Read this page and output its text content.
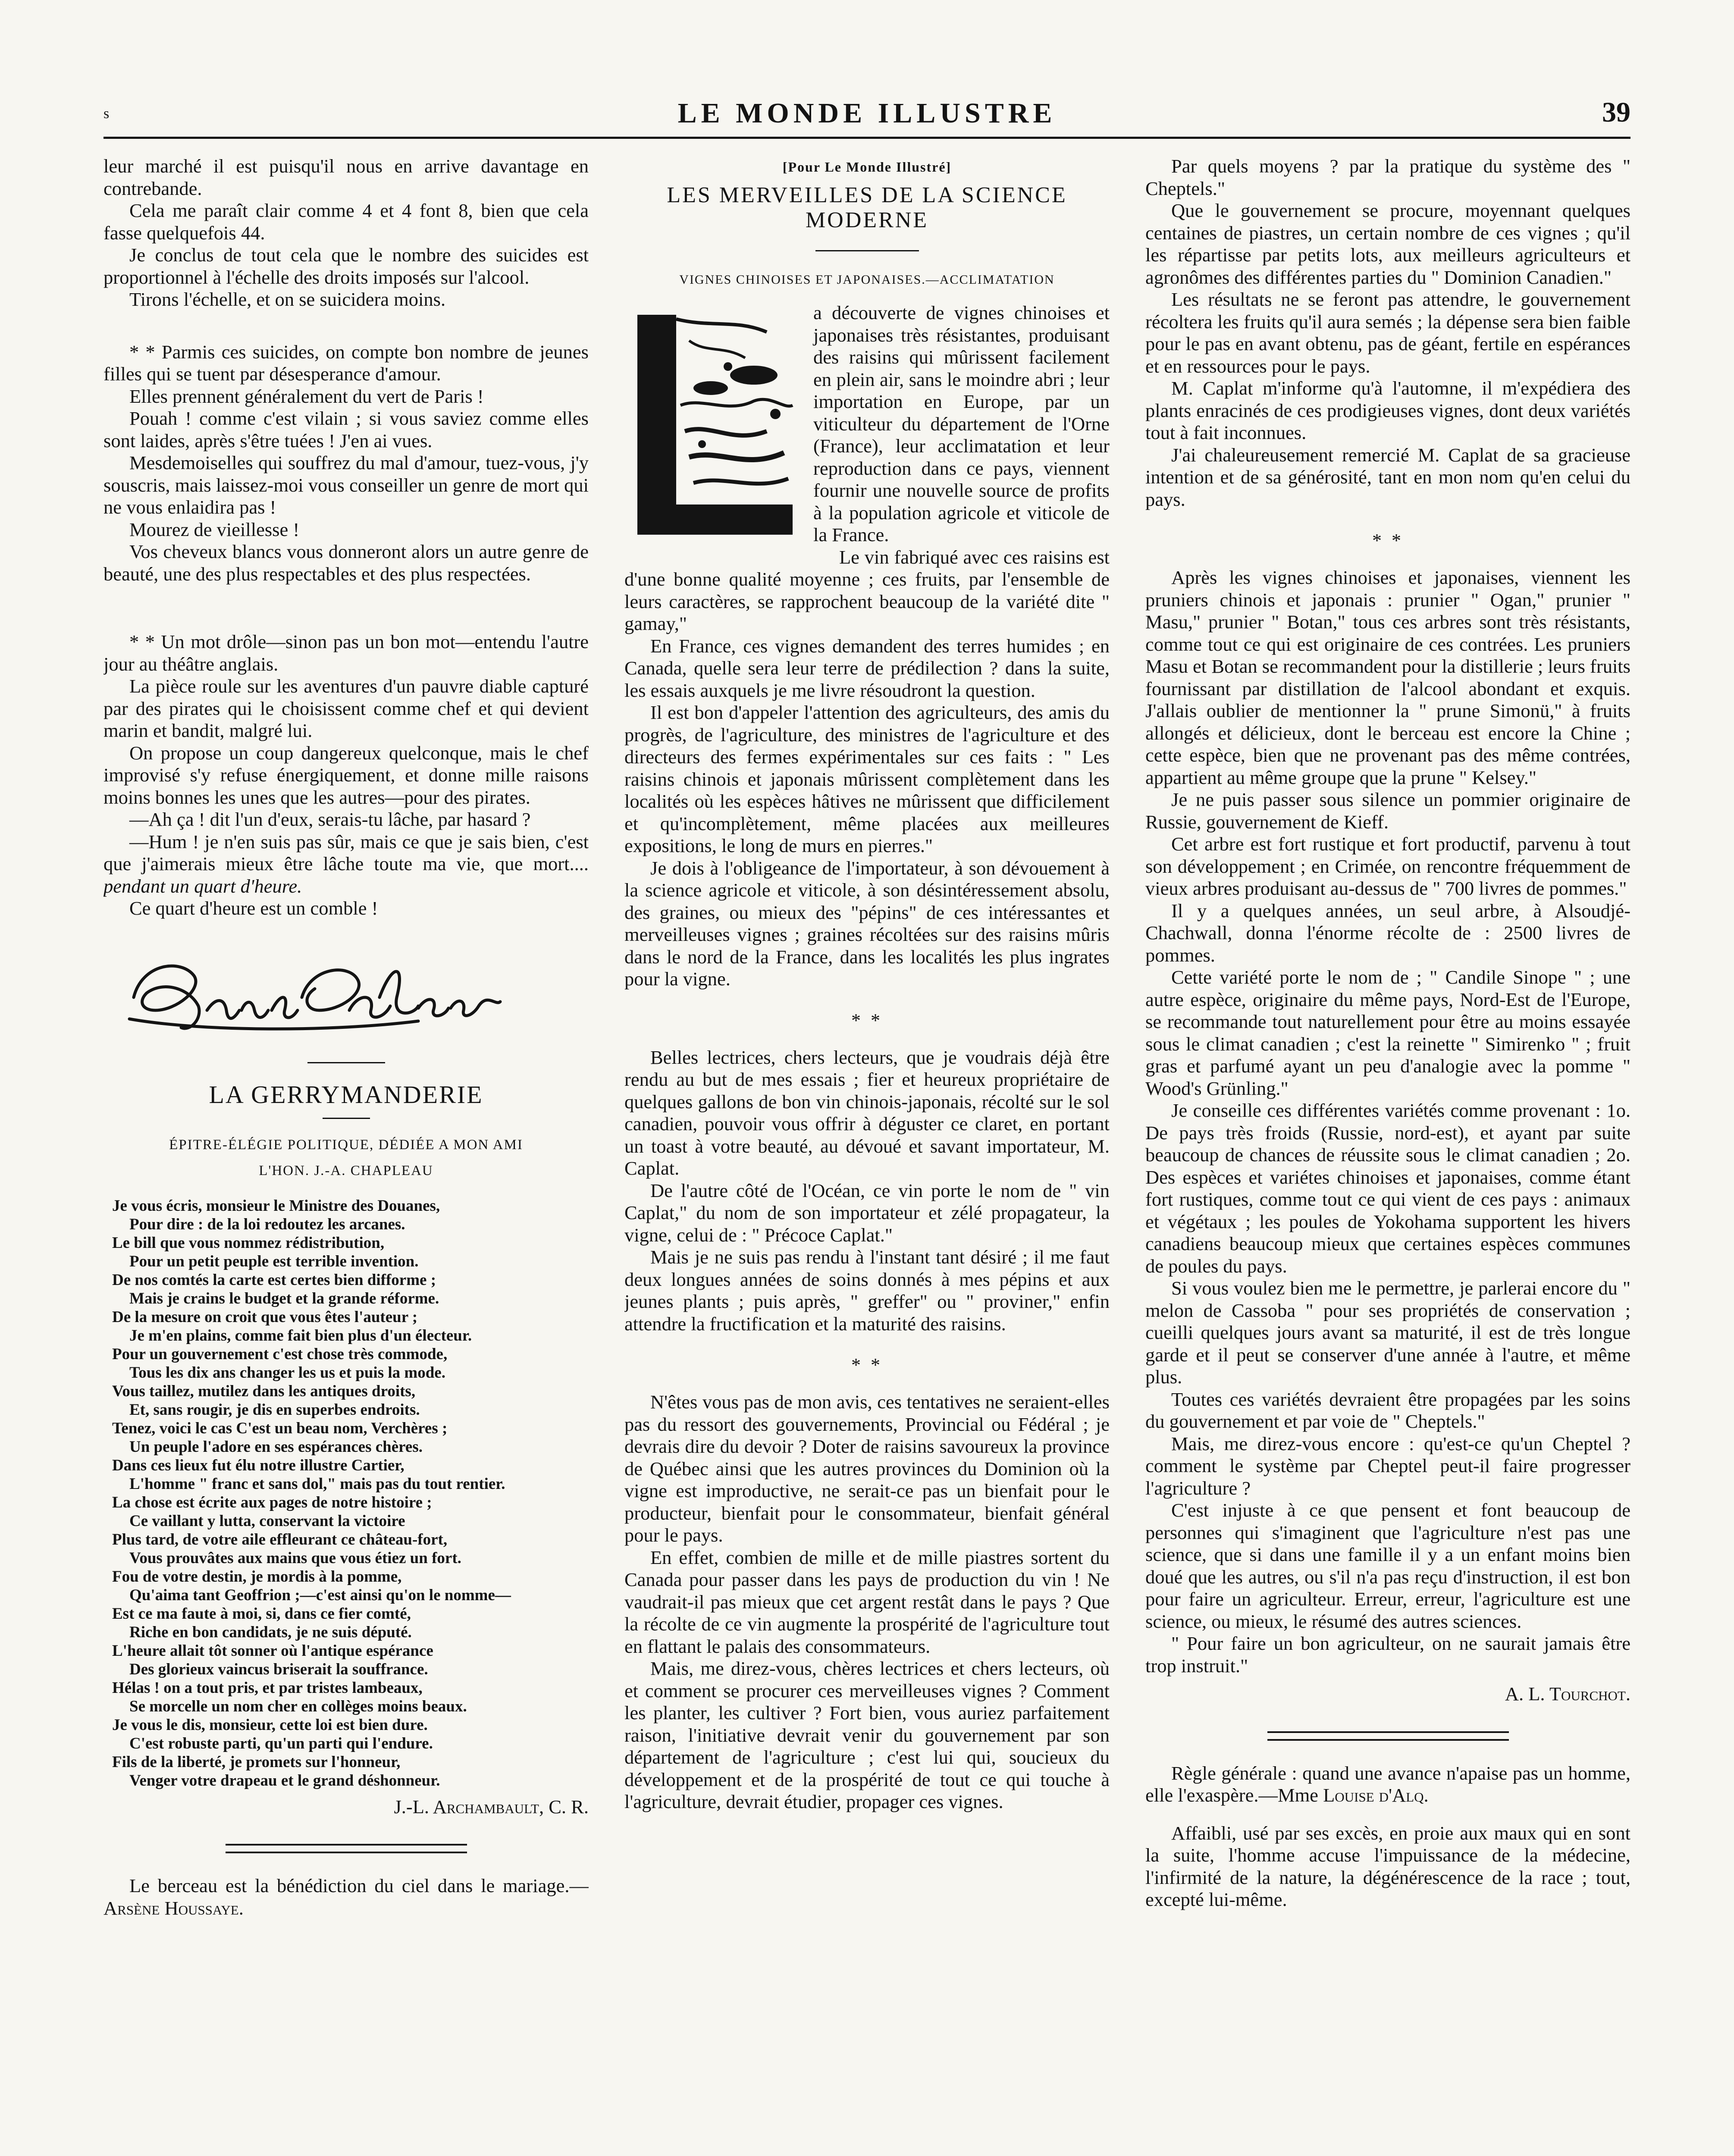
s	LE MONDE ILLUSTRE	39

leur marché il est puisqu'il nous en arrive davantage en contrebande.

Cela me paraît clair comme 4 et 4 font 8, bien que cela fasse quelquefois 44.

Je conclus de tout cela que le nombre des suicides est proportionnel à l'échelle des droits imposés sur l'alcool.

Tirons l'échelle, et on se suicidera moins.

* * Parmis ces suicides, on compte bon nombre de jeunes filles qui se tuent par désesperance d'amour.

Elles prennent généralement du vert de Paris !

Pouah ! comme c'est vilain ; si vous saviez comme elles sont laides, après s'être tuées ! J'en ai vues.

Mesdemoiselles qui souffrez du mal d'amour, tuez-vous, j'y souscris, mais laissez-moi vous conseiller un genre de mort qui ne vous enlaidira pas !

Mourez de vieillesse !

Vos cheveux blancs vous donneront alors un autre genre de beauté, une des plus respectables et des plus respectées.

* * Un mot drôle—sinon pas un bon mot—entendu l'autre jour au théâtre anglais.

La pièce roule sur les aventures d'un pauvre diable capturé par des pirates qui le choisissent comme chef et qui devient marin et bandit, malgré lui.

On propose un coup dangereux quelconque, mais le chef improvisé s'y refuse énergiquement, et donne mille raisons moins bonnes les unes que les autres—pour des pirates.

—Ah ça ! dit l'un d'eux, serais-tu lâche, par hasard ?

—Hum ! je n'en suis pas sûr, mais ce que je sais bien, c'est que j'aimerais mieux être lâche toute ma vie, que mort.... pendant un quart d'heure.

Ce quart d'heure est un comble !

LA GERRYMANDERIE
ÉPITRE-ÉLÉGIE POLITIQUE, DÉDIÉE A MON AMI
L'HON. J.-A. CHAPLEAU
Je vous écris, monsieur le Ministre des Douanes,
Pour dire : de la loi redoutez les arcanes.
Le bill que vous nommez rédistribution,
Pour un petit peuple est terrible invention.
De nos comtés la carte est certes bien difforme ;
Mais je crains le budget et la grande réforme.
De la mesure on croit que vous êtes l'auteur ;
Je m'en plains, comme fait bien plus d'un électeur.
Pour un gouvernement c'est chose très commode,
Tous les dix ans changer les us et puis la mode.
Vous taillez, mutilez dans les antiques droits,
Et, sans rougir, je dis en superbes endroits.
Tenez, voici le cas C'est un beau nom, Verchères ;
Un peuple l'adore en ses espérances chères.
Dans ces lieux fut élu notre illustre Cartier,
L'homme " franc et sans dol," mais pas du tout rentier.
La chose est écrite aux pages de notre histoire ;
Ce vaillant y lutta, conservant la victoire
Plus tard, de votre aile effleurant ce château-fort,
Vous prouvâtes aux mains que vous étiez un fort.
Fou de votre destin, je mordis à la pomme,
Qu'aima tant Geoffrion ;—c'est ainsi qu'on le nomme—
Est ce ma faute à moi, si, dans ce fier comté,
Riche en bon candidats, je ne suis député.
L'heure allait tôt sonner où l'antique espérance
Des glorieux vaincus briserait la souffrance.
Hélas ! on a tout pris, et par tristes lambeaux,
Se morcelle un nom cher en collèges moins beaux.
Je vous le dis, monsieur, cette loi est bien dure.
C'est robuste parti, qu'un parti qui l'endure.
Fils de la liberté, je promets sur l'honneur,
Venger votre drapeau et le grand déshonneur.

J.-L. Archambault, C. R.

Le berceau est la bénédiction du ciel dans le mariage.—Arsène Houssaye.

[Pour Le Monde Illustré]
LES MERVEILLES DE LA SCIENCE MODERNE
VIGNES CHINOISES ET JAPONAISES.—ACCLIMATATION

a découverte de vignes chinoises et japonaises très résistantes, produisant des raisins qui mûrissent facilement en plein air, sans le moindre abri ; leur importation en Europe, par un viticulteur du département de l'Orne (France), leur acclimatation et leur reproduction dans ce pays, viennent fournir une nouvelle source de profits à la population agricole et viticole de la France.

Le vin fabriqué avec ces raisins est d'une bonne qualité moyenne ; ces fruits, par l'ensemble de leurs caractères, se rapprochent beaucoup de la variété dite " gamay,"

En France, ces vignes demandent des terres humides ; en Canada, quelle sera leur terre de prédilection ? dans la suite, les essais auxquels je me livre résoudront la question.

Il est bon d'appeler l'attention des agriculteurs, des amis du progrès, de l'agriculture, des ministres de l'agriculture et des directeurs des fermes expérimentales sur ces faits : " Les raisins chinois et japonais mûrissent complètement dans les localités où les espèces hâtives ne mûrissent que difficilement et qu'incomplètement, même placées aux meilleures expositions, le long de murs en pierres."

Je dois à l'obligeance de l'importateur, à son dévouement à la science agricole et viticole, à son désintéressement absolu, des graines, ou mieux des "pépins" de ces intéressantes et merveilleuses vignes ; graines récoltées sur des raisins mûris dans le nord de la France, dans les localités les plus ingrates pour la vigne.

* *

Belles lectrices, chers lecteurs, que je voudrais déjà être rendu au but de mes essais ; fier et heureux propriétaire de quelques gallons de bon vin chinois-japonais, récolté sur le sol canadien, pouvoir vous offrir à déguster ce claret, en portant un toast à votre beauté, au dévoué et savant importateur, M. Caplat.

De l'autre côté de l'Océan, ce vin porte le nom de " vin Caplat," du nom de son importateur et zélé propagateur, la vigne, celui de : " Précoce Caplat."

Mais je ne suis pas rendu à l'instant tant désiré ; il me faut deux longues années de soins donnés à mes pépins et aux jeunes plants ; puis après, " greffer" ou " proviner," enfin attendre la fructification et la maturité des raisins.

* *

N'êtes vous pas de mon avis, ces tentatives ne seraient-elles pas du ressort des gouvernements, Provincial ou Fédéral ; je devrais dire du devoir ? Doter de raisins savoureux la province de Québec ainsi que les autres provinces du Dominion où la vigne est improductive, ne serait-ce pas un bienfait pour le producteur, bienfait pour le consommateur, bienfait général pour le pays.

En effet, combien de mille et de mille piastres sortent du Canada pour passer dans les pays de production du vin ! Ne vaudrait-il pas mieux que cet argent restât dans le pays ? Que la récolte de ce vin augmente la prospérité de l'agriculture tout en flattant le palais des consommateurs.

Mais, me direz-vous, chères lectrices et chers lecteurs, où et comment se procurer ces merveilleuses vignes ? Comment les planter, les cultiver ? Fort bien, vous auriez parfaitement raison, l'initiative devrait venir du gouvernement par son département de l'agriculture ; c'est lui qui, soucieux du développement et de la prospérité de tout ce qui touche à l'agriculture, devrait étudier, propager ces vignes.

Par quels moyens ? par la pratique du système des " Cheptels."

Que le gouvernement se procure, moyennant quelques centaines de piastres, un certain nombre de ces vignes ; qu'il les répartisse par petits lots, aux meilleurs agriculteurs et agronômes des différentes parties du " Dominion Canadien."

Les résultats ne se feront pas attendre, le gouvernement récoltera les fruits qu'il aura semés ; la dépense sera bien faible pour le pas en avant obtenu, pas de géant, fertile en espérances et en ressources pour le pays.

M. Caplat m'informe qu'à l'automne, il m'expédiera des plants enracinés de ces prodigieuses vignes, dont deux variétés tout à fait inconnues.

J'ai chaleureusement remercié M. Caplat de sa gracieuse intention et de sa générosité, tant en mon nom qu'en celui du pays.

* *

Après les vignes chinoises et japonaises, viennent les pruniers chinois et japonais : prunier " Ogan," prunier " Masu," prunier " Botan," tous ces arbres sont très résistants, comme tout ce qui est originaire de ces contrées. Les pruniers Masu et Botan se recommandent pour la distillerie ; leurs fruits fournissant par distillation de l'alcool abondant et exquis. J'allais oublier de mentionner la " prune Simonü," à fruits allongés et délicieux, dont le berceau est encore la Chine ; cette espèce, bien que ne provenant pas des même contrées, appartient au même groupe que la prune " Kelsey."

Je ne puis passer sous silence un pommier originaire de Russie, gouvernement de Kieff.

Cet arbre est fort rustique et fort productif, parvenu à tout son développement ; en Crimée, on rencontre fréquemment de vieux arbres produisant au-dessus de " 700 livres de pommes."

Il y a quelques années, un seul arbre, à Alsoudjé-Chachwall, donna l'énorme récolte de : 2500 livres de pommes.

Cette variété porte le nom de ; " Candile Sinope " ; une autre espèce, originaire du même pays, Nord-Est de l'Europe, se recommande tout naturellement pour être au moins essayée sous le climat canadien ; c'est la reinette " Simirenko " ; fruit gras et parfumé ayant un peu d'analogie avec la pomme " Wood's Grünling."

Je conseille ces différentes variétés comme provenant : 1o. De pays très froids (Russie, nord-est), et ayant par suite beaucoup de chances de réussite sous le climat canadien ; 2o. Des espèces et variétes chinoises et japonaises, comme étant fort rustiques, comme tout ce qui vient de ces pays : animaux et végétaux ; les poules de Yokohama supportent les hivers canadiens beaucoup mieux que certaines espèces communes de poules du pays.

Si vous voulez bien me le permettre, je parlerai encore du " melon de Cassoba " pour ses propriétés de conservation ; cueilli quelques jours avant sa maturité, il est de très longue garde et il peut se conserver d'une année à l'autre, et même plus.

Toutes ces variétés devraient être propagées par les soins du gouvernement et par voie de " Cheptels."

Mais, me direz-vous encore : qu'est-ce qu'un Cheptel ? comment le système par Cheptel peut-il faire progresser l'agriculture ?

C'est injuste à ce que pensent et font beaucoup de personnes qui s'imaginent que l'agriculture n'est pas une science, que si dans une famille il y a un enfant moins bien doué que les autres, ou s'il n'a pas reçu d'instruction, il est bon pour faire un agriculteur. Erreur, erreur, l'agriculture est une science, ou mieux, le résumé des autres sciences.

" Pour faire un bon agriculteur, on ne saurait jamais être trop instruit."

A. L. Tourchot.

Règle générale : quand une avance n'apaise pas un homme, elle l'exaspère.—Mme Louise d'Alq.

Affaibli, usé par ses excès, en proie aux maux qui en sont la suite, l'homme accuse l'impuissance de la médecine, l'infirmité de la nature, la dégénérescence de la race ; tout, excepté lui-même.
